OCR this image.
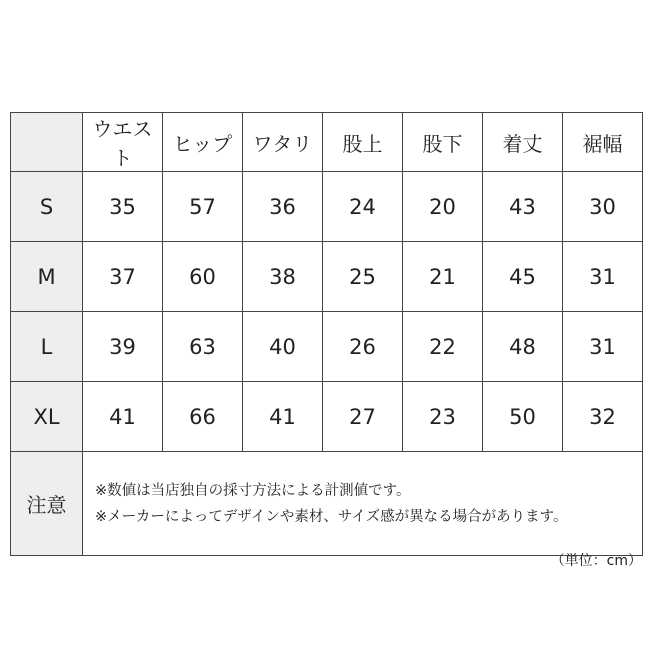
	ウエスト	ヒップ	ワタリ	股上	股下	着丈	裾幅
S	35	57	36	24	20	43	30
M	37	60	38	25	21	45	31
L	39	63	40	26	22	48	31
XL	41	66	41	27	23	50	32
注意	※数値は当店独自の採寸方法による計測値です。
※メーカーによってデザインや素材、サイズ感が異なる場合があります。						
（単位：cm）
